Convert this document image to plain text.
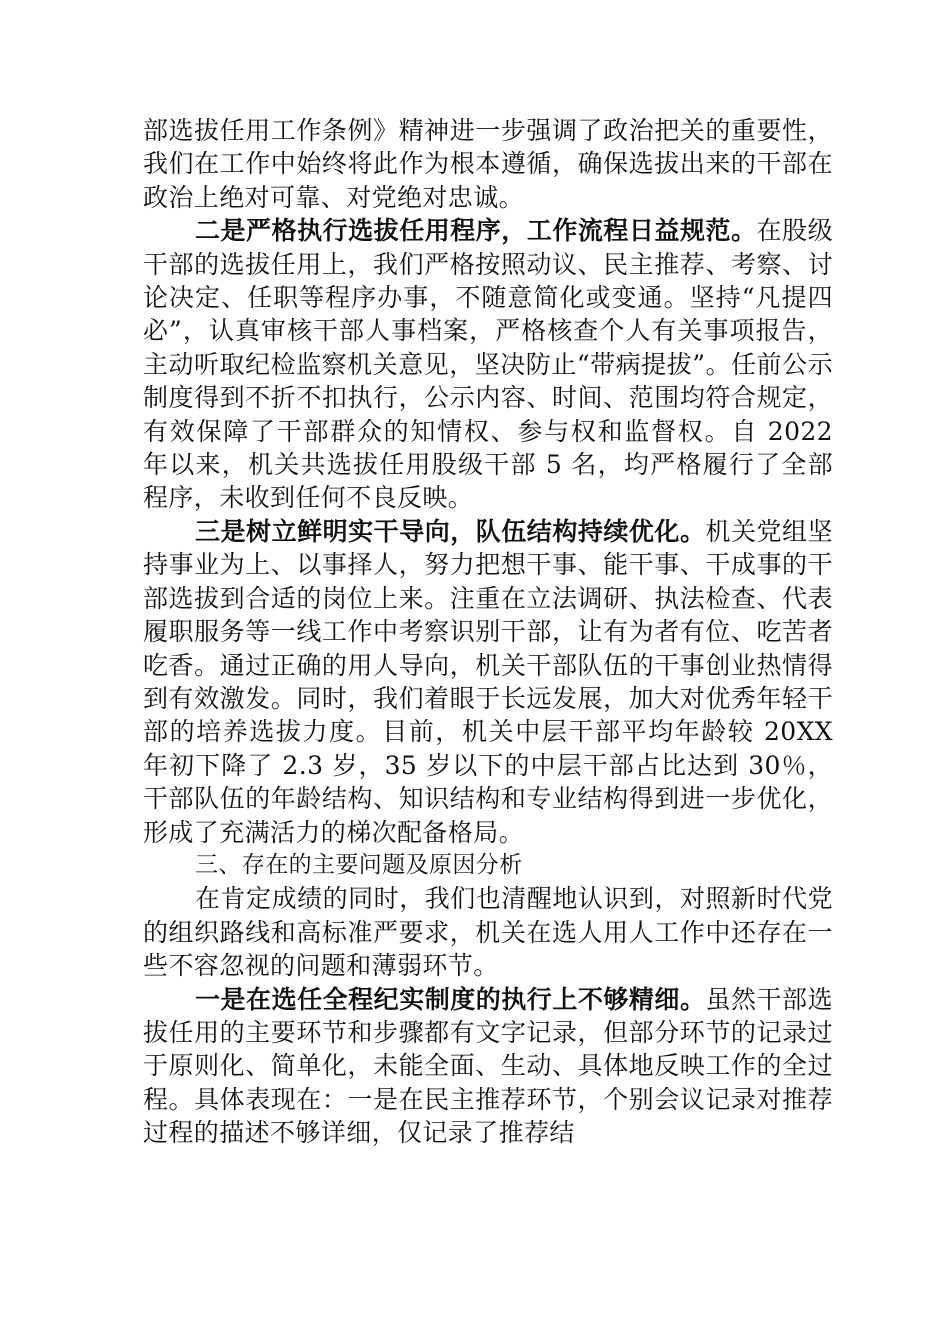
部选拔任用工作条例》精神进一步强调了政治把关的重要性，我们在工作中始终将此作为根本遵循，确保选拔出来的干部在政治上绝对可靠、对党绝对忠诚。

二是严格执行选拔任用程序，工作流程日益规范。在股级干部的选拔任用上，我们严格按照动议、民主推荐、考察、讨论决定、任职等程序办事，不随意简化或变通。坚持“凡提四必”，认真审核干部人事档案，严格核查个人有关事项报告，主动听取纪检监察机关意见，坚决防止“带病提拔”。任前公示制度得到不折不扣执行，公示内容、时间、范围均符合规定，有效保障了干部群众的知情权、参与权和监督权。自 2022 年以来，机关共选拔任用股级干部 5 名，均严格履行了全部程序，未收到任何不良反映。

三是树立鲜明实干导向，队伍结构持续优化。机关党组坚持事业为上、以事择人，努力把想干事、能干事、干成事的干部选拔到合适的岗位上来。注重在立法调研、执法检查、代表履职服务等一线工作中考察识别干部，让有为者有位、吃苦者吃香。通过正确的用人导向，机关干部队伍的干事创业热情得到有效激发。同时，我们着眼于长远发展，加大对优秀年轻干部的培养选拔力度。目前，机关中层干部平均年龄较 20XX 年初下降了 2.3 岁，35 岁以下的中层干部占比达到 30％，干部队伍的年龄结构、知识结构和专业结构得到进一步优化，形成了充满活力的梯次配备格局。

三、存在的主要问题及原因分析

在肯定成绩的同时，我们也清醒地认识到，对照新时代党的组织路线和高标准严要求，机关在选人用人工作中还存在一些不容忽视的问题和薄弱环节。

一是在选任全程纪实制度的执行上不够精细。虽然干部选拔任用的主要环节和步骤都有文字记录，但部分环节的记录过于原则化、简单化，未能全面、生动、具体地反映工作的全过程。具体表现在：一是在民主推荐环节，个别会议记录对推荐过程的描述不够详细，仅记录了推荐结
